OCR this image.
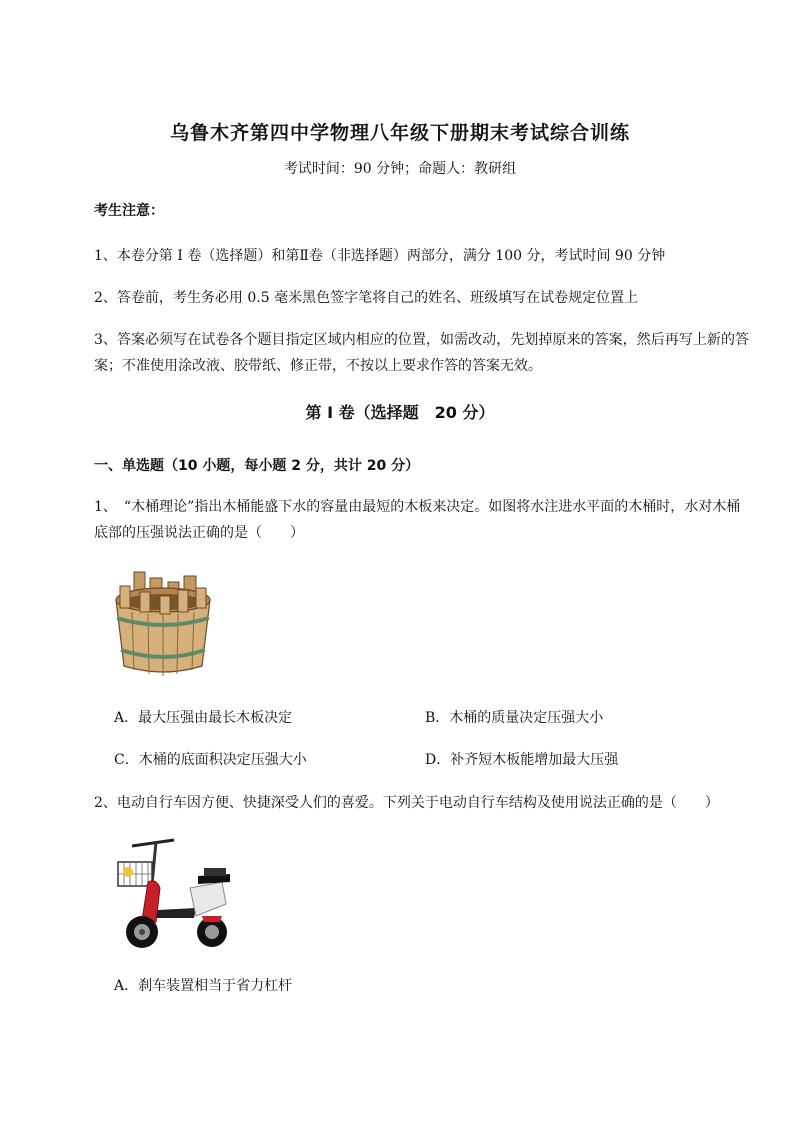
乌鲁木齐第四中学物理八年级下册期末考试综合训练
考试时间：90 分钟；命题人：教研组
考生注意：
1、本卷分第 I 卷（选择题）和第Ⅱ卷（非选择题）两部分，满分 100 分，考试时间 90 分钟
2、答卷前，考生务必用 0.5 毫米黑色签字笔将自己的姓名、班级填写在试卷规定位置上
3、答案必须写在试卷各个题目指定区域内相应的位置，如需改动，先划掉原来的答案，然后再写上新的答案；不准使用涂改液、胶带纸、修正带，不按以上要求作答的答案无效。
第 I 卷（选择题　20 分）
一、单选题（10 小题，每小题 2 分，共计 20 分）
1、　“木桶理论”指出木桶能盛下水的容量由最短的木板来决定。如图将水注进水平面的木桶时，水对木桶底部的压强说法正确的是（　　）
A．最大压强由最长木板决定	B．木桶的质量决定压强大小
C．木桶的底面积决定压强大小	D．补齐短木板能增加最大压强
2、电动自行车因方便、快捷深受人们的喜爱。下列关于电动自行车结构及使用说法正确的是（　　）
A．刹车装置相当于省力杠杆
